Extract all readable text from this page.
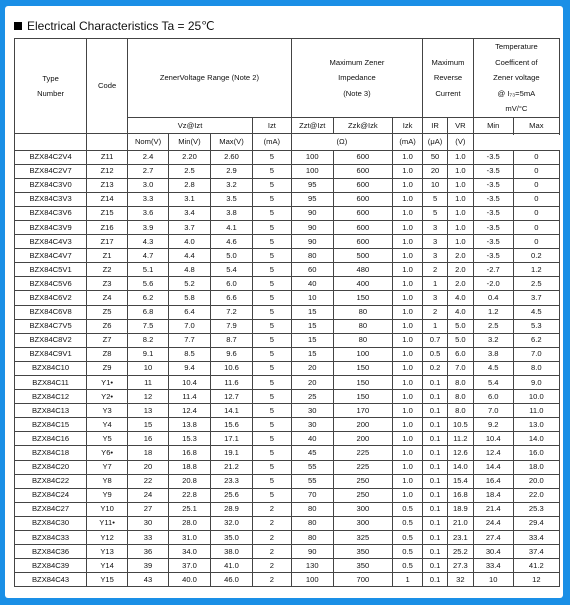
Electrical Characteristics Ta = 25℃
Type
Number	Code	ZenerVoltage Range (Note 2)				Maximum Zener
Impedance
(Note 3)			Maximum
Reverse
Current		Temperature
Coefficent of
Zener voltage
@ I₇₃=5mA
mV/°C	

		Vz@Izt			Izt	Zzt@Izt	Zzk@Izk	Izk	IR	VR	Min	Max

		Nom(V)	Min(V)	Max(V)	(mA)	(Ω)		(mA)	(μA)	(V)		
BZX84C2V4	Z11	2.4	2.20	2.60	5	100	600	1.0	50	1.0	-3.5	0
BZX84C2V7	Z12	2.7	2.5	2.9	5	100	600	1.0	20	1.0	-3.5	0
BZX84C3V0	Z13	3.0	2.8	3.2	5	95	600	1.0	10	1.0	-3.5	0
BZX84C3V3	Z14	3.3	3.1	3.5	5	95	600	1.0	5	1.0	-3.5	0
BZX84C3V6	Z15	3.6	3.4	3.8	5	90	600	1.0	5	1.0	-3.5	0
BZX84C3V9	Z16	3.9	3.7	4.1	5	90	600	1.0	3	1.0	-3.5	0
BZX84C4V3	Z17	4.3	4.0	4.6	5	90	600	1.0	3	1.0	-3.5	0
BZX84C4V7	Z1	4.7	4.4	5.0	5	80	500	1.0	3	2.0	-3.5	0.2
BZX84C5V1	Z2	5.1	4.8	5.4	5	60	480	1.0	2	2.0	-2.7	1.2
BZX84C5V6	Z3	5.6	5.2	6.0	5	40	400	1.0	1	2.0	-2.0	2.5
BZX84C6V2	Z4	6.2	5.8	6.6	5	10	150	1.0	3	4.0	0.4	3.7
BZX84C6V8	Z5	6.8	6.4	7.2	5	15	80	1.0	2	4.0	1.2	4.5
BZX84C7V5	Z6	7.5	7.0	7.9	5	15	80	1.0	1	5.0	2.5	5.3
BZX84C8V2	Z7	8.2	7.7	8.7	5	15	80	1.0	0.7	5.0	3.2	6.2
BZX84C9V1	Z8	9.1	8.5	9.6	5	15	100	1.0	0.5	6.0	3.8	7.0
BZX84C10	Z9	10	9.4	10.6	5	20	150	1.0	0.2	7.0	4.5	8.0
BZX84C11	Y1•	11	10.4	11.6	5	20	150	1.0	0.1	8.0	5.4	9.0
BZX84C12	Y2•	12	11.4	12.7	5	25	150	1.0	0.1	8.0	6.0	10.0
BZX84C13	Y3	13	12.4	14.1	5	30	170	1.0	0.1	8.0	7.0	11.0
BZX84C15	Y4	15	13.8	15.6	5	30	200	1.0	0.1	10.5	9.2	13.0
BZX84C16	Y5	16	15.3	17.1	5	40	200	1.0	0.1	11.2	10.4	14.0
BZX84C18	Y6•	18	16.8	19.1	5	45	225	1.0	0.1	12.6	12.4	16.0
BZX84C20	Y7	20	18.8	21.2	5	55	225	1.0	0.1	14.0	14.4	18.0
BZX84C22	Y8	22	20.8	23.3	5	55	250	1.0	0.1	15.4	16.4	20.0
BZX84C24	Y9	24	22.8	25.6	5	70	250	1.0	0.1	16.8	18.4	22.0
BZX84C27	Y10	27	25.1	28.9	2	80	300	0.5	0.1	18.9	21.4	25.3
BZX84C30	Y11•	30	28.0	32.0	2	80	300	0.5	0.1	21.0	24.4	29.4
BZX84C33	Y12	33	31.0	35.0	2	80	325	0.5	0.1	23.1	27.4	33.4
BZX84C36	Y13	36	34.0	38.0	2	90	350	0.5	0.1	25.2	30.4	37.4
BZX84C39	Y14	39	37.0	41.0	2	130	350	0.5	0.1	27.3	33.4	41.2
BZX84C43	Y15	43	40.0	46.0	2	100	700	1	0.1	32	10	12
